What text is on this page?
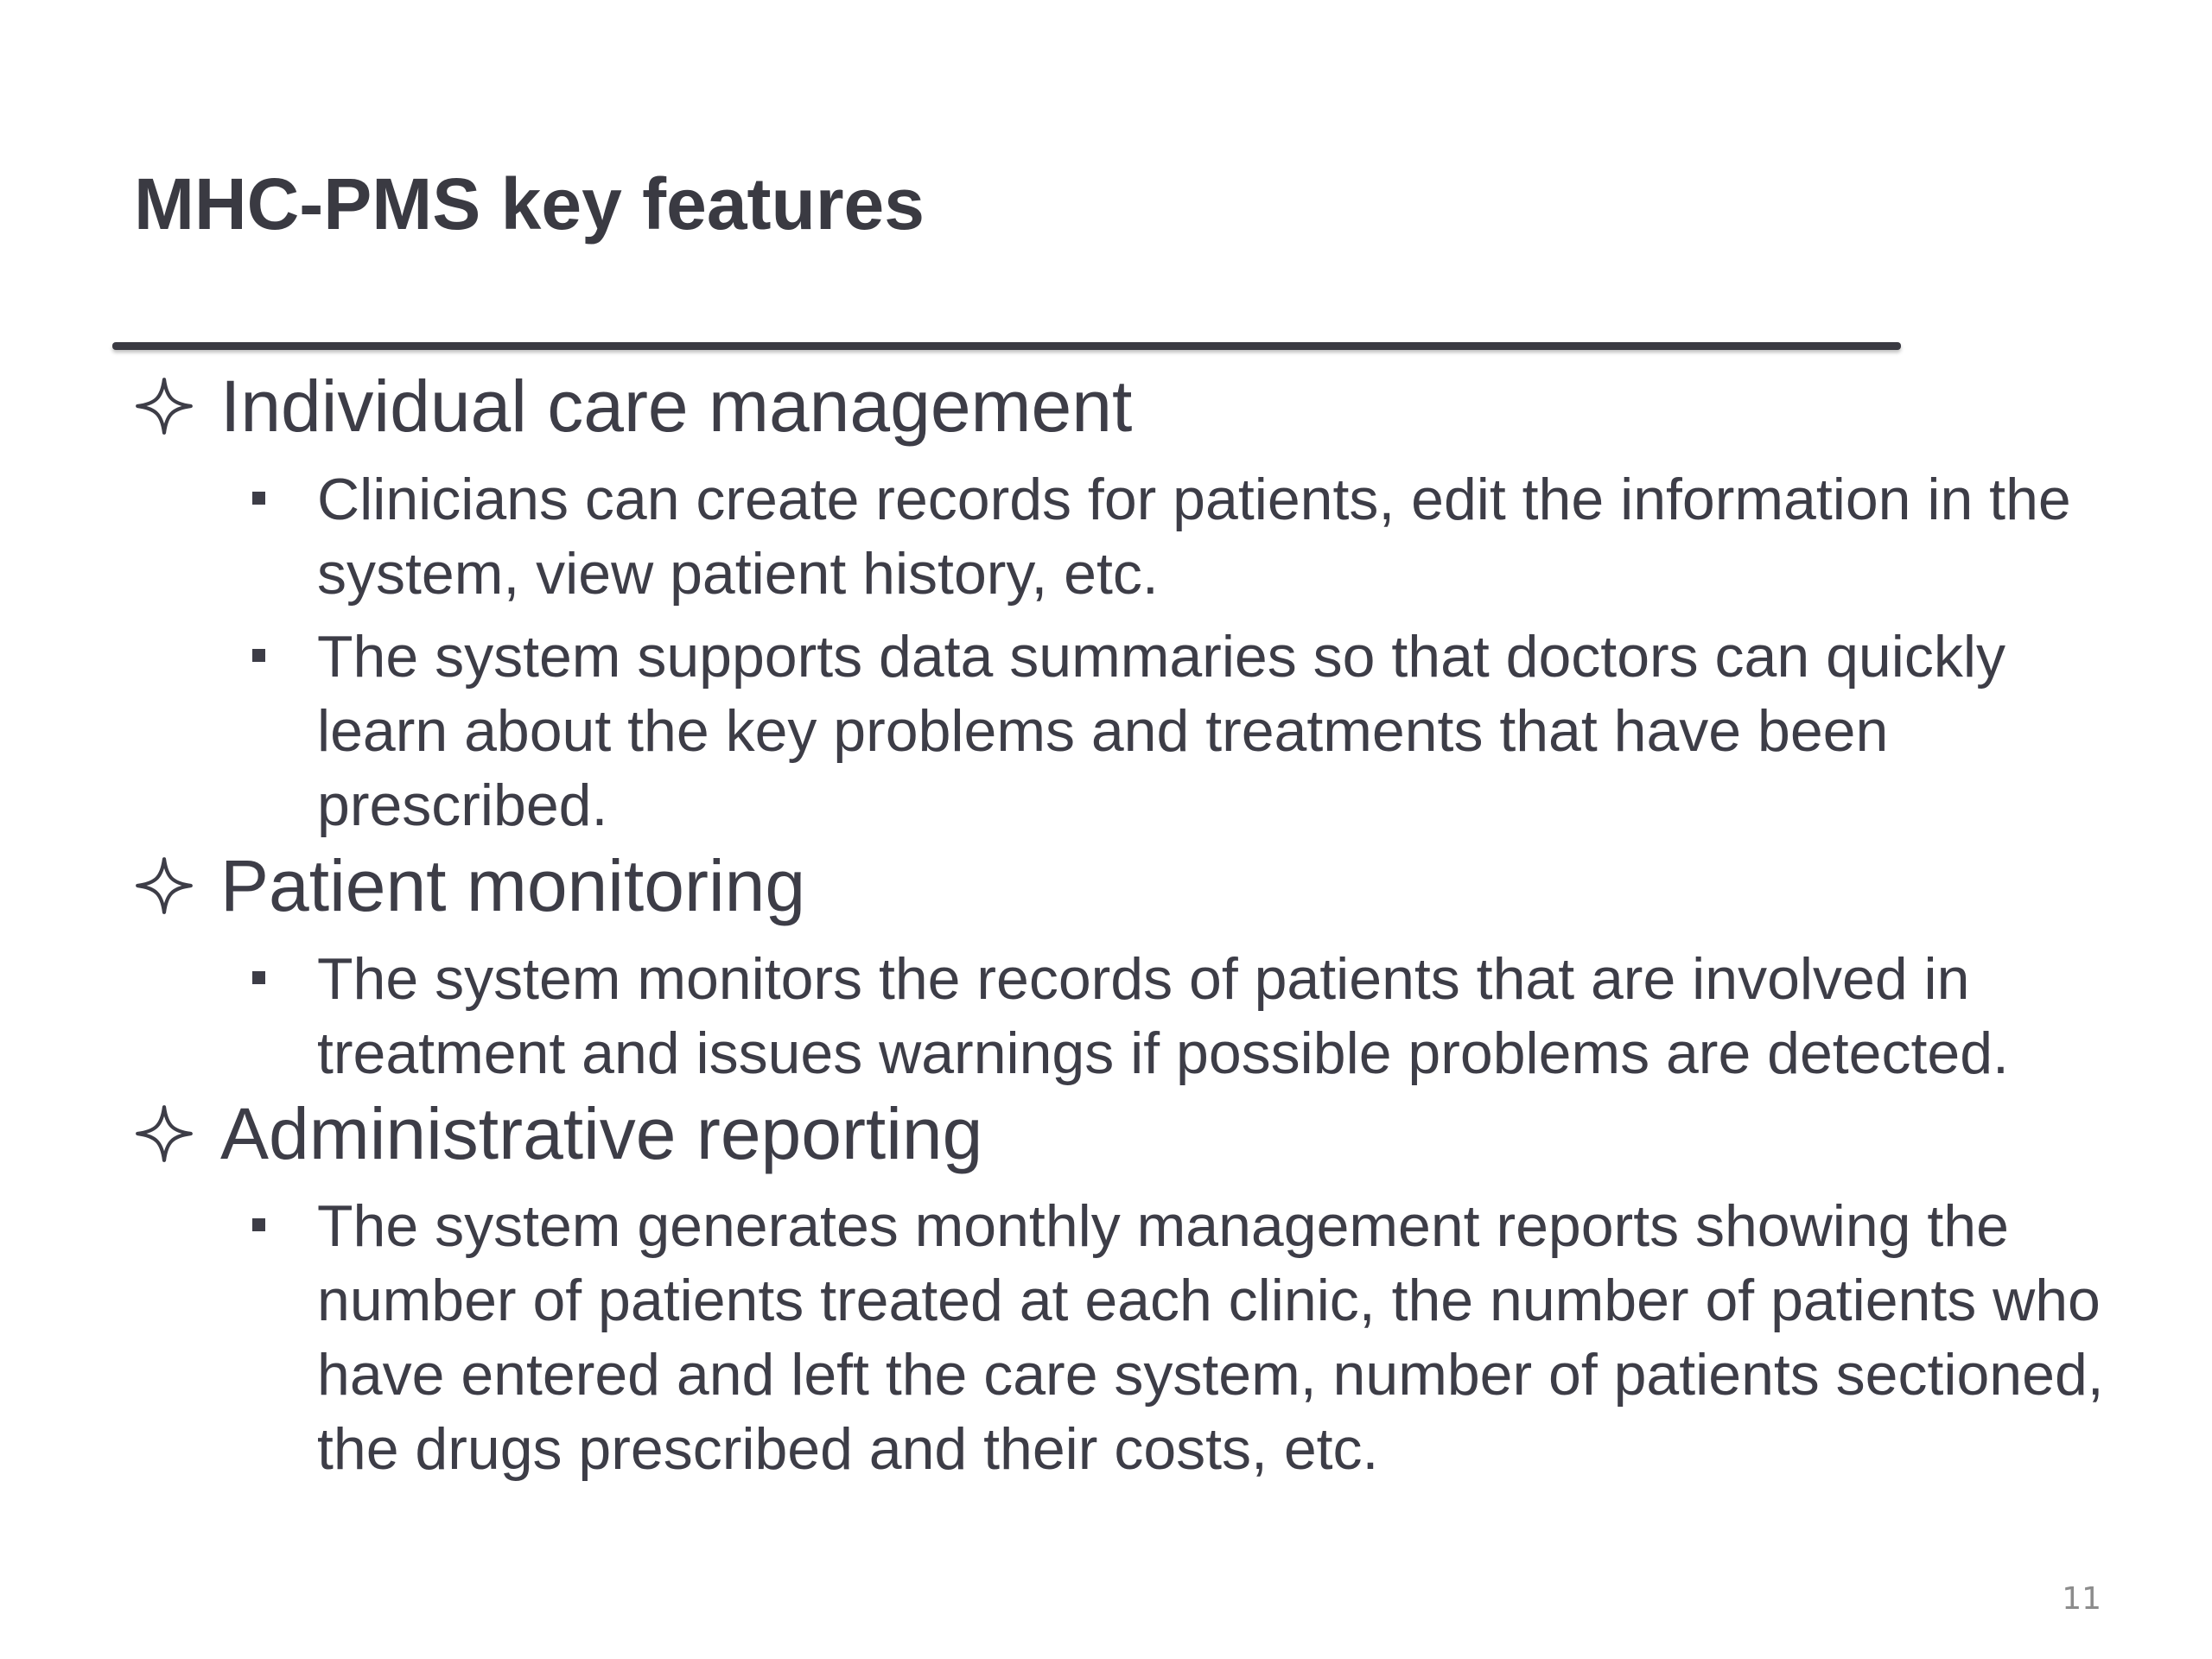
MHC-PMS key features

Individual care management

Clinicians can create records for patients, edit the information in the system, view patient history, etc.
The system supports data summaries so that doctors can quickly learn about the key problems and treatments that have been prescribed.

Patient monitoring

The system monitors the records of patients that are involved in treatment and issues warnings if possible problems are detected.

Administrative reporting

The system generates monthly management reports showing the number of patients treated at each clinic, the number of patients who have entered and left the care system, number of patients sectioned, the drugs prescribed and their costs, etc.
11
